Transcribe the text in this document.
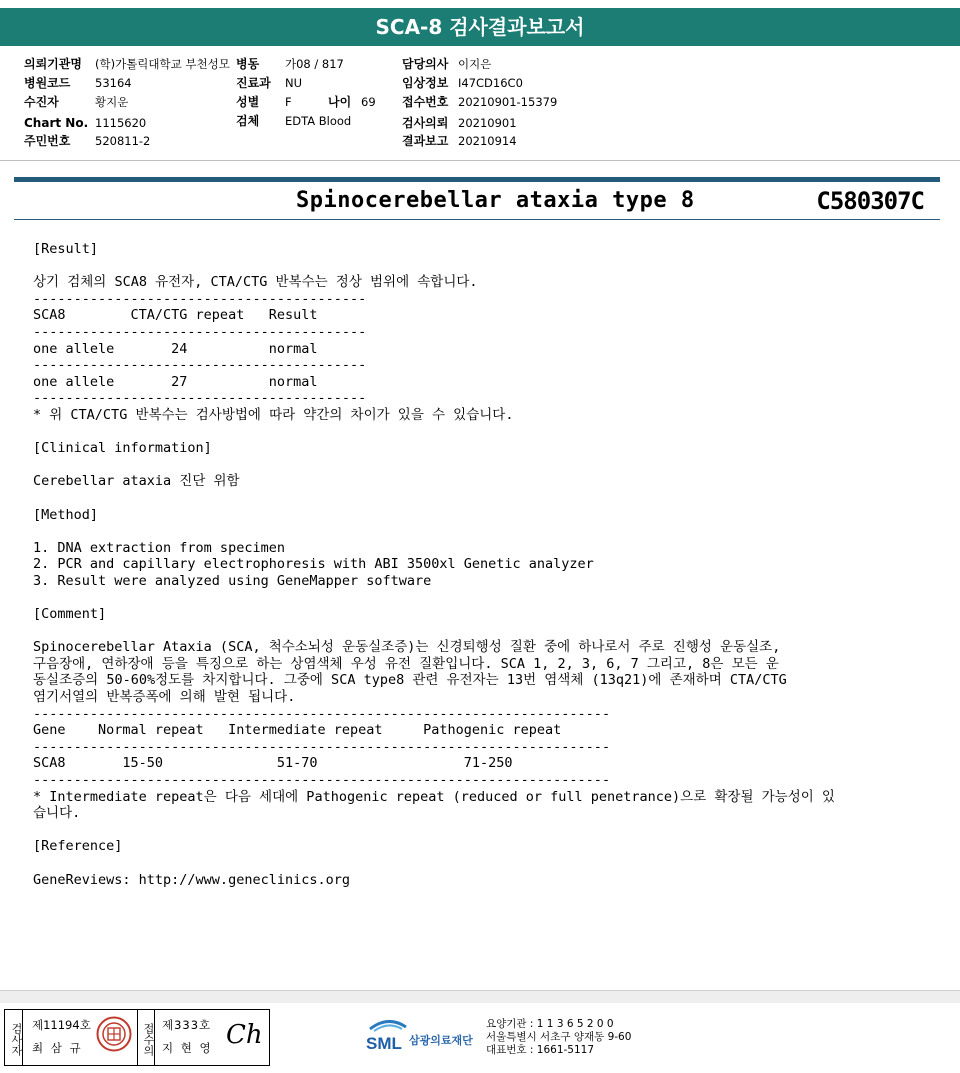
SCA-8 검사결과보고서
의뢰기관명 (학)가톨릭대학교 부천성모 병동 가08 / 817	담당의사 이지은
병원코드 53164	진료과 NU	임상정보 I47CD16C0
수진자	황지운	성별 F	나이 69 접수번호 20210901-15379
Chart No. 1115620	검체 EDTA Blood	검사의뢰 20210901
주민번호 520811-2	결과보고 20210914
Spinocerebellar ataxia type 8	C580307C
[Result]
상기 검체의 SCA8 유전자, CTA/CTG 반복수는 정상 범위에 속합니다.
-----------------------------------------
SCA8        CTA/CTG repeat   Result
-----------------------------------------
one allele       24          normal
-----------------------------------------
one allele       27          normal
-----------------------------------------
* 위 CTA/CTG 반복수는 검사방법에 따라 약간의 차이가 있을 수 있습니다.
[Clinical information]
Cerebellar ataxia 진단 위함
[Method]
1. DNA extraction from specimen
2. PCR and capillary electrophoresis with ABI 3500xl Genetic analyzer
3. Result were analyzed using GeneMapper software
[Comment]
Spinocerebellar Ataxia (SCA, 척수소뇌성 운동실조증)는 신경퇴행성 질환 중에 하나로서 주로 진행성 운동실조,
구음장애, 연하장애 등을 특징으로 하는 상염색체 우성 유전 질환입니다. SCA 1, 2, 3, 6, 7 그리고, 8은 모든 운
동실조증의 50-60%정도를 차지합니다. 그중에 SCA type8 관련 유전자는 13번 염색체 (13q21)에 존재하며 CTA/CTG
염기서열의 반복증폭에 의해 발현 됩니다.
-----------------------------------------------------------------------
Gene    Normal repeat   Intermediate repeat     Pathogenic repeat
-----------------------------------------------------------------------
SCA8       15-50              51-70                  71-250
-----------------------------------------------------------------------
* Intermediate repeat은 다음 세대에 Pathogenic repeat (reduced or full penetrance)으로 확장될 가능성이 있
습니다.
[Reference]
GeneReviews: http://www.geneclinics.org
검사자	접수의
제11194호
최 삼 규
제333호
지 현 영 Ch	SML 삼광의료재단
요양기관 : 1 1 3 6 5 2 0 0
서울특별시 서초구 양재동 9-60
대표번호 : 1661-5117
